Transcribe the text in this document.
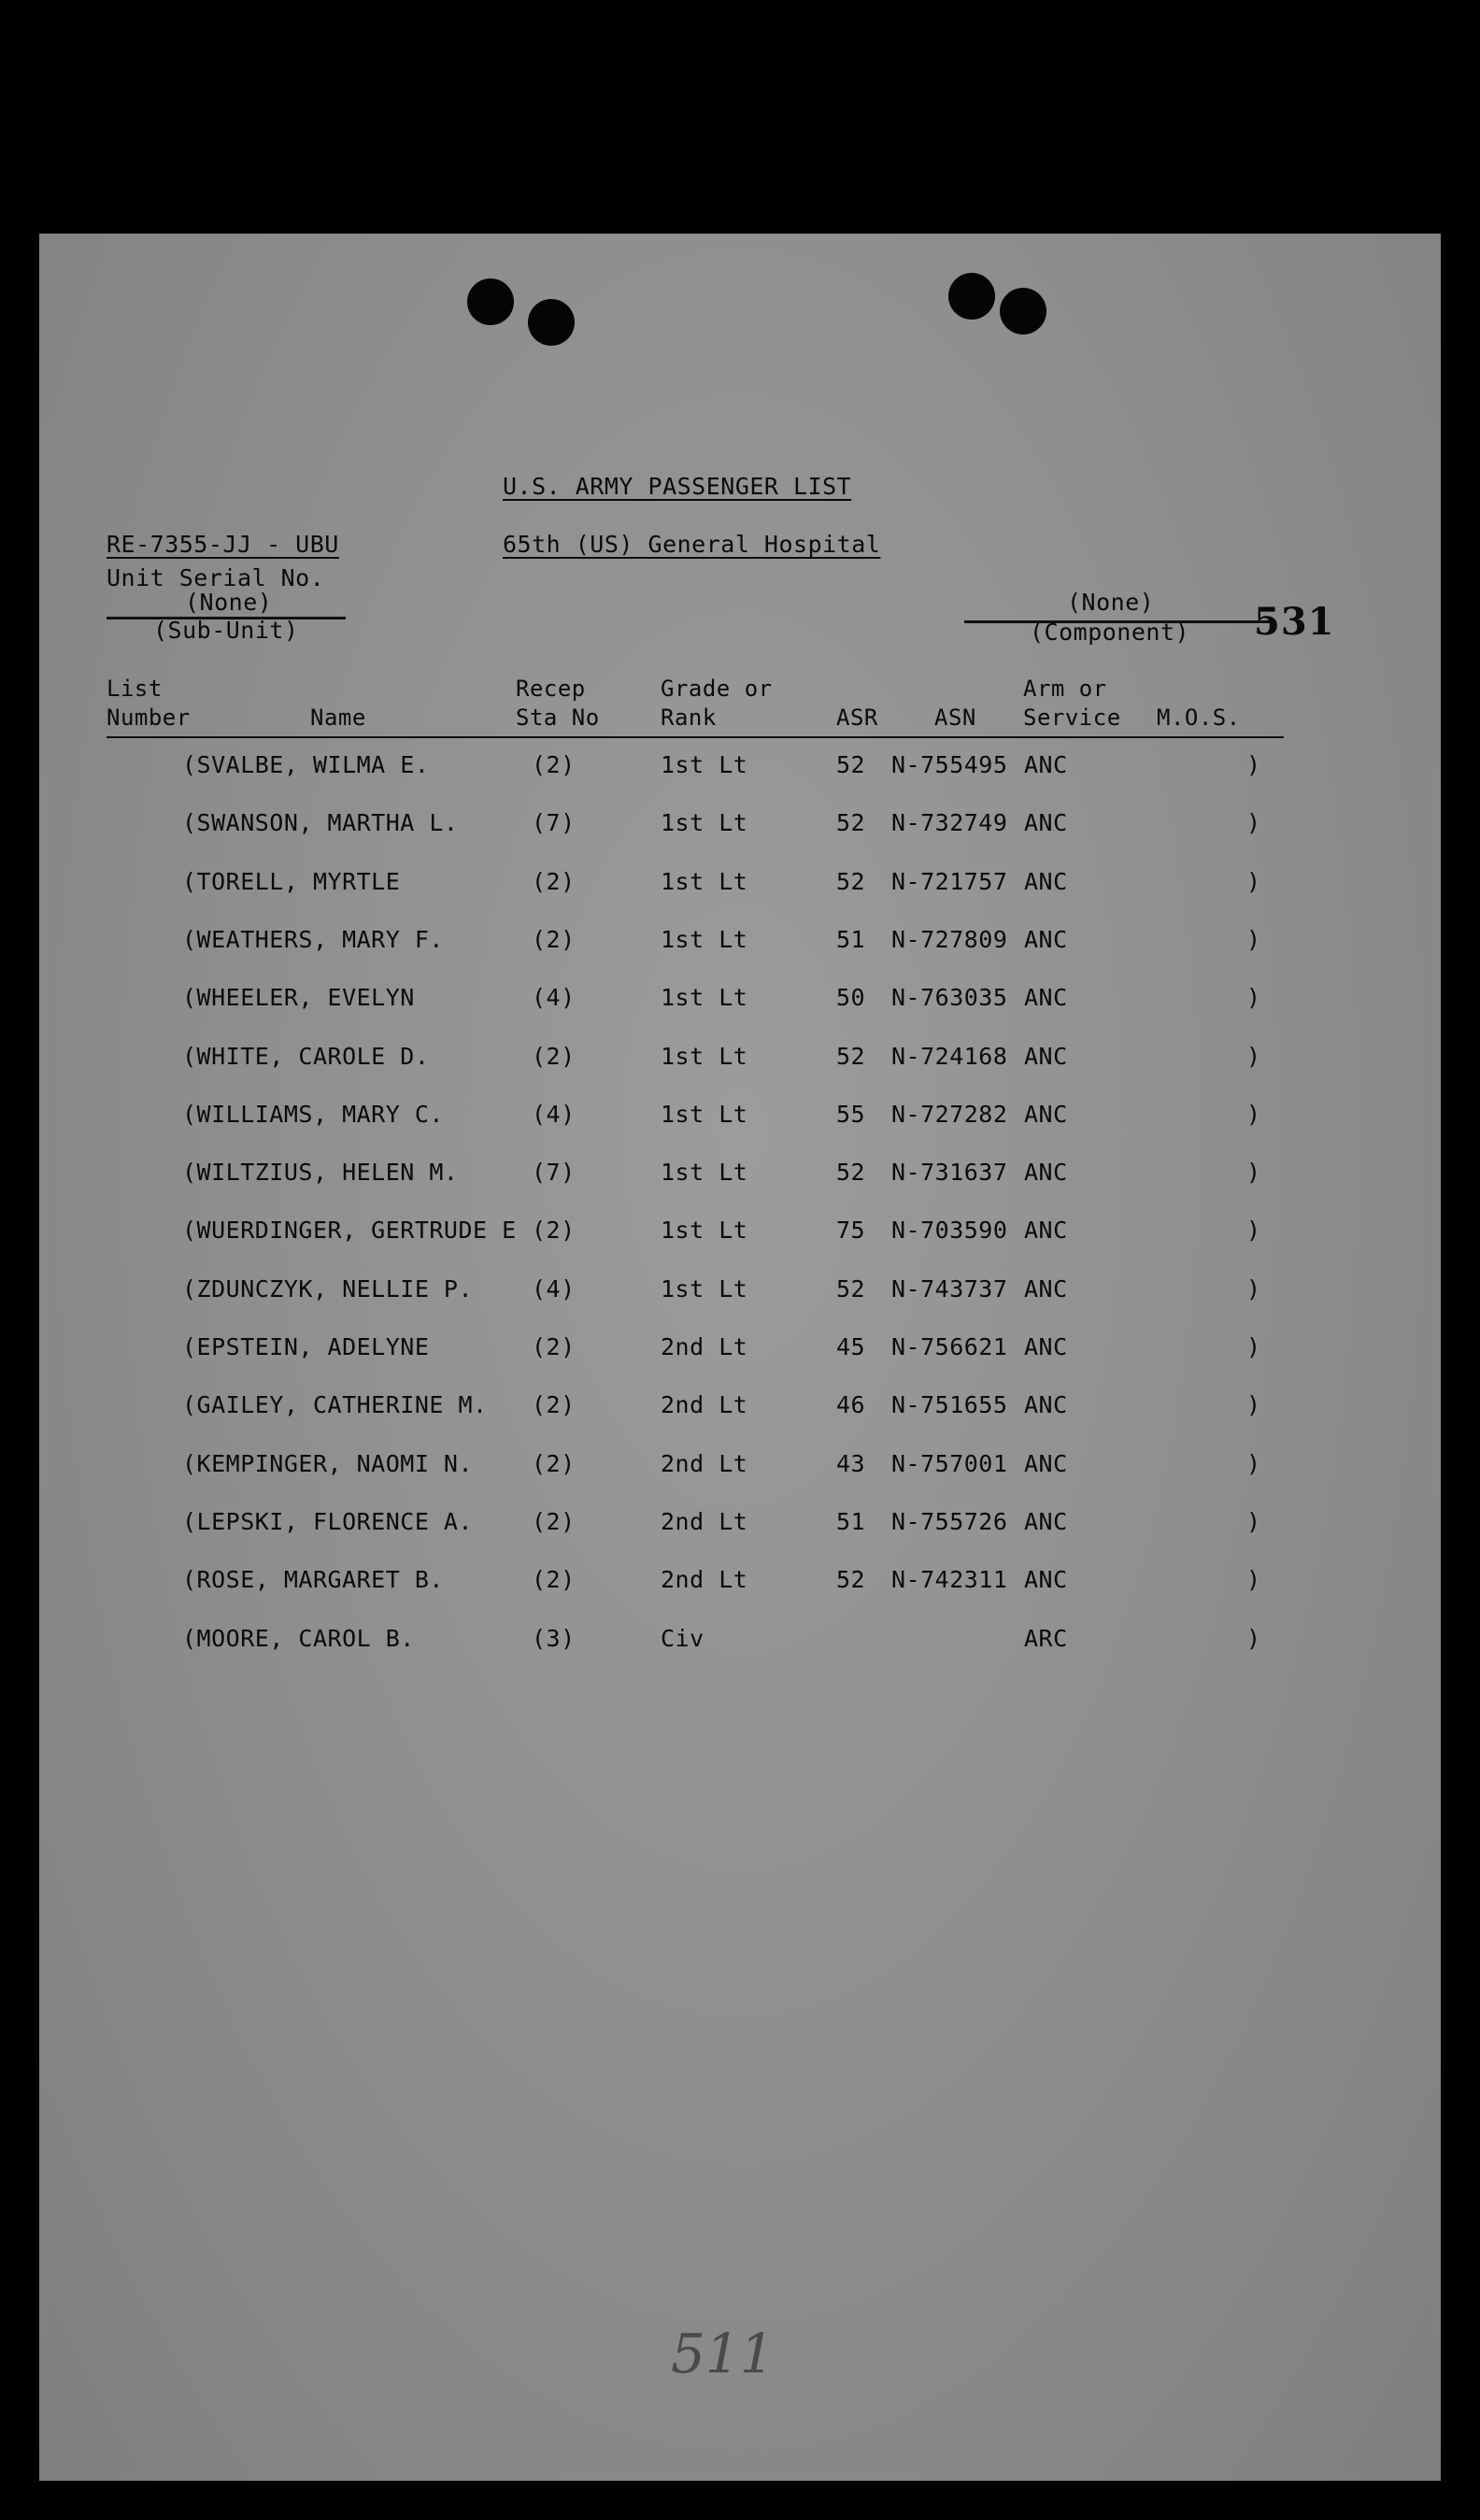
U.S. ARMY PASSENGER LIST
RE-7355-JJ - UBU	65th (US) General Hospital
Unit Serial No.
(None)
(Sub-Unit)
(None)
(Component) 531
List
Number	Name
Recep
Sta No
Grade or
Rank	ASR	ASN
Arm or
Service M.O.S.
(SVALBE, WILMA E.	(2)	1st Lt	52 N-755495 ANC	)
(SWANSON, MARTHA L.	(7)	1st Lt	52 N-732749 ANC	)
(TORELL, MYRTLE	(2)	1st Lt	52 N-721757 ANC	)
(WEATHERS, MARY F.	(2)	1st Lt	51 N-727809 ANC	)
(WHEELER, EVELYN	(4)	1st Lt	50 N-763035 ANC	)
(WHITE, CAROLE D.	(2)	1st Lt	52 N-724168 ANC	)
(WILLIAMS, MARY C.	(4)	1st Lt	55 N-727282 ANC	)
(WILTZIUS, HELEN M.	(7)	1st Lt	52 N-731637 ANC	)
(WUERDINGER, GERTRUDE E (2)	1st Lt	75 N-703590 ANC	)
(ZDUNCZYK, NELLIE P.	(4)	1st Lt	52 N-743737 ANC	)
(EPSTEIN, ADELYNE	(2)	2nd Lt	45 N-756621 ANC	)
(GAILEY, CATHERINE M. (2)	2nd Lt	46 N-751655 ANC	)
(KEMPINGER, NAOMI N.	(2)	2nd Lt	43 N-757001 ANC	)
(LEPSKI, FLORENCE A.	(2)	2nd Lt	51 N-755726 ANC	)
(ROSE, MARGARET B.	(2)	2nd Lt	52 N-742311 ANC	)
(MOORE, CAROL B.	(3)	Civ	ARC	)
511
